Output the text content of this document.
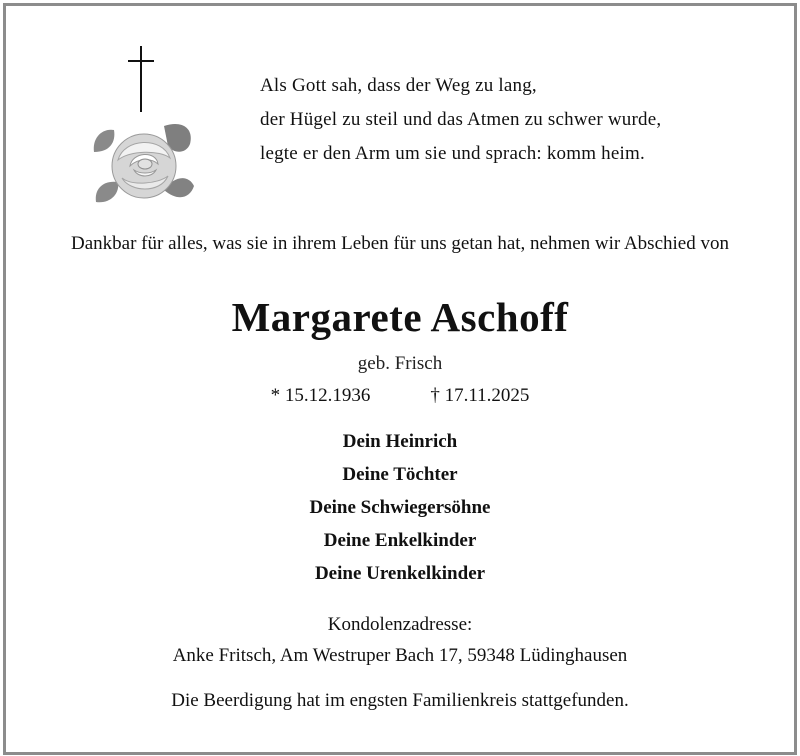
Als Gott sah, dass der Weg zu lang,
der Hügel zu steil und das Atmen zu schwer wurde,
legte er den Arm um sie und sprach: komm heim.
Dankbar für alles, was sie in ihrem Leben für uns getan hat, nehmen wir Abschied von
Margarete Aschoff
geb. Frisch
* 15.12.1936	† 17.11.2025
Dein Heinrich
Deine Töchter
Deine Schwiegersöhne
Deine Enkelkinder
Deine Urenkelkinder
Kondolenzadresse:
Anke Fritsch, Am Westruper Bach 17, 59348 Lüdinghausen
Die Beerdigung hat im engsten Familienkreis stattgefunden.
